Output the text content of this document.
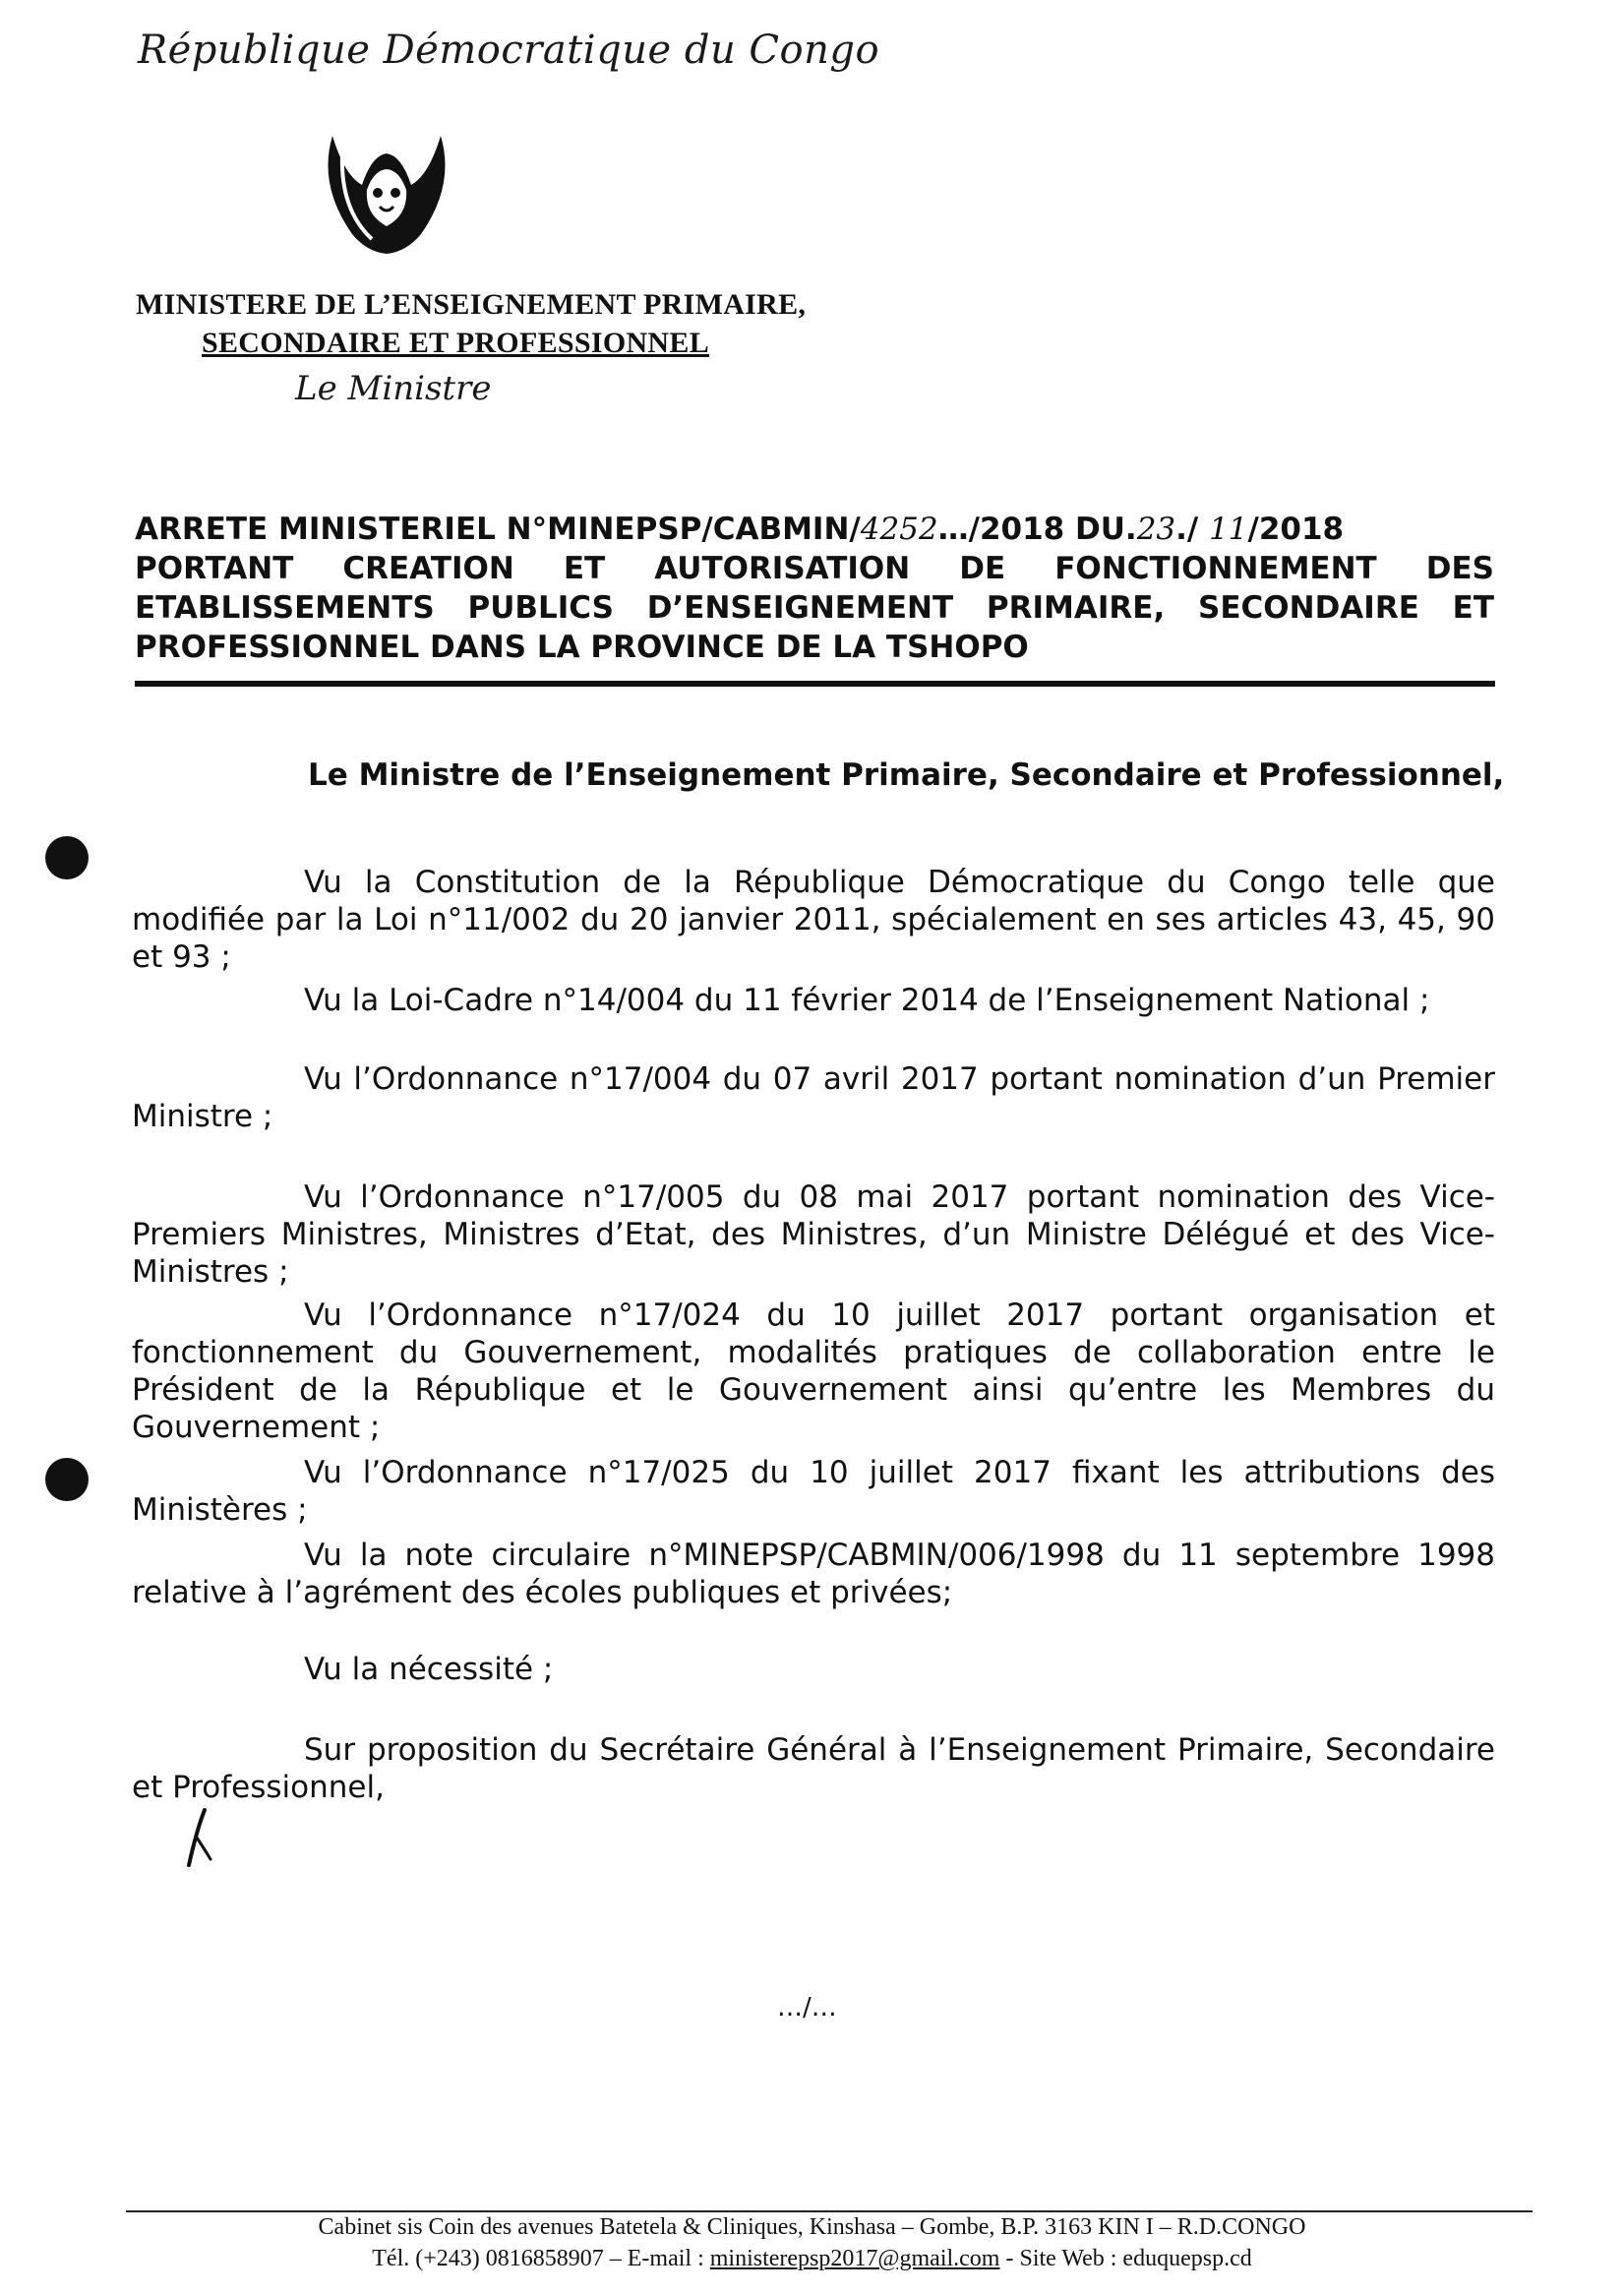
République Démocratique du Congo
MINISTERE DE L’ENSEIGNEMENT PRIMAIRE,
SECONDAIRE ET PROFESSIONNEL
Le Ministre
ARRETE MINISTERIEL N°MINEPSP/CABMIN/4252…/2018 DU.23./ 11/2018
PORTANT CREATION ET AUTORISATION DE FONCTIONNEMENT DES
ETABLISSEMENTS PUBLICS D’ENSEIGNEMENT PRIMAIRE, SECONDAIRE ET
PROFESSIONNEL DANS LA PROVINCE DE LA TSHOPO
Le Ministre de l’Enseignement Primaire, Secondaire et Professionnel,
Vu la Constitution de la République Démocratique du Congo telle que modifiée par la Loi n°11/002 du 20 janvier 2011, spécialement en ses articles 43, 45, 90 et 93 ;
Vu la Loi-Cadre n°14/004 du 11 février 2014 de l’Enseignement National ;
Vu l’Ordonnance n°17/004 du 07 avril 2017 portant nomination d’un Premier Ministre ;
Vu l’Ordonnance n°17/005 du 08 mai 2017 portant nomination des Vice-Premiers Ministres, Ministres d’Etat, des Ministres, d’un Ministre Délégué et des Vice-Ministres ;
Vu l’Ordonnance n°17/024 du 10 juillet 2017 portant organisation et fonctionnement du Gouvernement, modalités pratiques de collaboration entre le Président de la République et le Gouvernement ainsi qu’entre les Membres du Gouvernement ;
Vu l’Ordonnance n°17/025 du 10 juillet 2017 fixant les attributions des Ministères ;
Vu la note circulaire n°MINEPSP/CABMIN/006/1998 du 11 septembre 1998 relative à l’agrément des écoles publiques et privées;
Vu la nécessité ;
Sur proposition du Secrétaire Général à l’Enseignement Primaire, Secondaire et Professionnel,
…/…
Cabinet sis Coin des avenues Batetela & Cliniques, Kinshasa – Gombe, B.P. 3163 KIN I – R.D.CONGO
Tél. (+243) 0816858907 – E-mail : ministerepsp2017@gmail.com - Site Web : eduquepsp.cd
